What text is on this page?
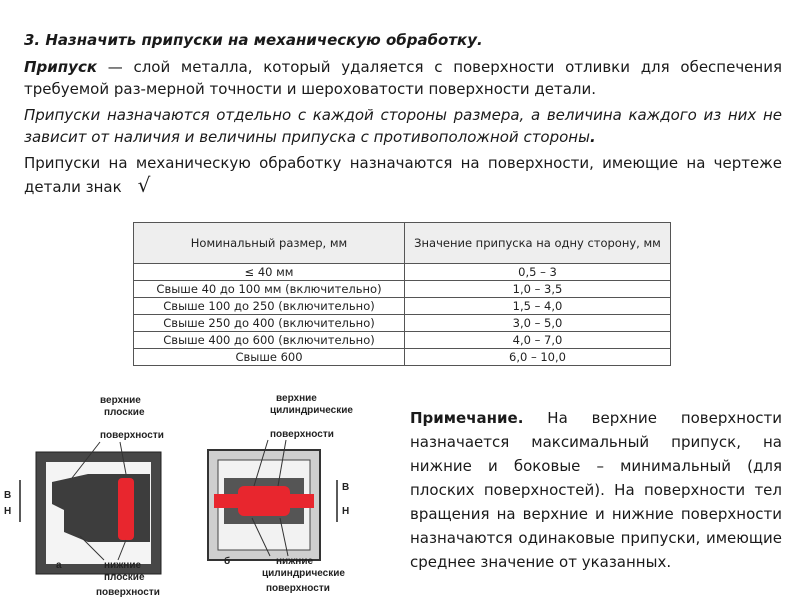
3. Назначить припуски на механическую обработку.
Припуск — слой металла, который удаляется с поверхности отливки для обеспечения требуемой раз-мерной точности и шероховатости поверхности детали.
Припуски назначаются отдельно с каждой стороны размера, а величина каждого из них не зависит от наличия и величины припуска с противоположной стороны.
Припуски на механическую обработку назначаются на поверхности, имеющие на чертеже детали знак √
Номинальный размер, мм	Значение припуска на одну сторону, мм
≤ 40 мм	0,5 – 3
Свыше 40 до 100 мм (включительно)	1,0 – 3,5
Свыше 100 до 250 (включительно)	1,5 – 4,0
Свыше 250 до 400 (включительно)	3,0 – 5,0
Свыше 400 до 600 (включительно)	4,0 – 7,0
Свыше 600	6,0 – 10,0
В
Н
верхние
плоские
поверхности
нижние
плоские
поверхности
а
В
Н
верхние
цилиндрические
поверхности
нижние
цилиндрические
поверхности
б
Примечание. На верхние поверхности назначается максимальный припуск, на нижние и боковые – минимальный (для плоских поверхностей). На поверхности тел вращения на верхние и нижние поверхности назначаются одинаковые припуски, имеющие среднее значение от указанных.
